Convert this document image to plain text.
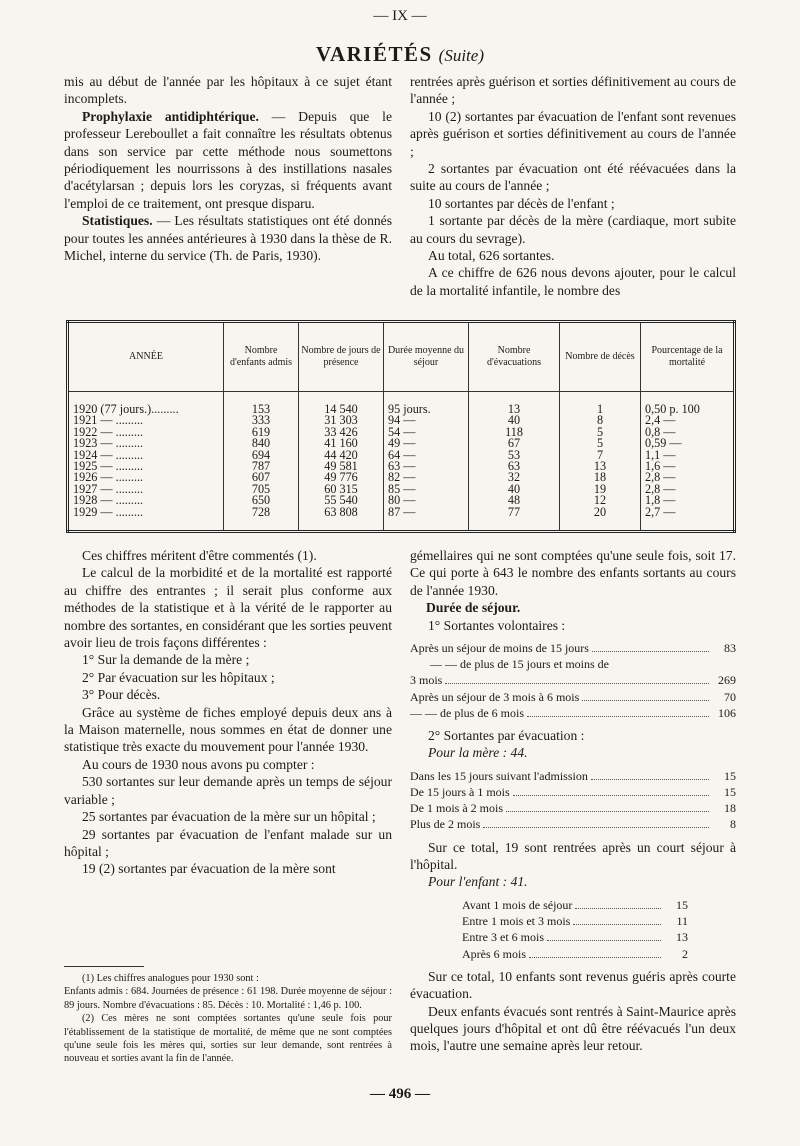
— IX —
VARIÉTÉS (Suite)

mis au début de l'année par les hôpitaux à ce sujet étant incomplets.

Prophylaxie antidiphtérique. — Depuis que le professeur Lereboullet a fait connaître les résultats obtenus dans son service par cette méthode nous soumettons périodiquement les nourrissons à des instillations nasales d'acétylarsan ; depuis lors les coryzas, si fréquents avant l'emploi de ce traitement, ont presque disparu.

Statistiques. — Les résultats statistiques ont été donnés pour toutes les années antérieures à 1930 dans la thèse de R. Michel, interne du service (Th. de Paris, 1930).

rentrées après guérison et sorties définitivement au cours de l'année ;

10 (2) sortantes par évacuation de l'enfant sont revenues après guérison et sorties définitivement au cours de l'année ;

2 sortantes par évacuation ont été réévacuées dans la suite au cours de l'année ;

10 sortantes par décès de l'enfant ;

1 sortante par décès de la mère (cardiaque, mort subite au cours du sevrage).

Au total, 626 sortantes.

A ce chiffre de 626 nous devons ajouter, pour le calcul de la mortalité infantile, le nombre des

ANNÉE	Nombre d'enfants admis	Nombre de jours de présence	Durée moyenne du séjour	Nombre d'évacuations	Nombre de décès	Pourcentage de la mortalité
1920 (77 jours.).........	153	14 540	95 jours.	13	1	0,50 p. 100
1921 — .........	333	31 303	94 —	40	8	2,4 —
1922 — .........	619	33 426	54 —	118	5	0,8 —
1923 — .........	840	41 160	49 —	67	5	0,59 —
1924 — .........	694	44 420	64 —	53	7	1,1 —
1925 — .........	787	49 581	63 —	63	13	1,6 —
1926 — .........	607	49 776	82 —	32	18	2,8 —
1927 — .........	705	60 315	85 —	40	19	2,8 —
1928 — .........	650	55 540	80 —	48	12	1,8 —
1929 — .........	728	63 808	87 —	77	20	2,7 —

Ces chiffres méritent d'être commentés (1).

Le calcul de la morbidité et de la mortalité est rapporté au chiffre des entrantes ; il serait plus conforme aux méthodes de la statistique et à la vérité de le rapporter au nombre des sortantes, en considérant que les sorties peuvent avoir lieu de trois façons différentes :

1° Sur la demande de la mère ;

2° Par évacuation sur les hôpitaux ;

3° Pour décès.

Grâce au système de fiches employé depuis deux ans à la Maison maternelle, nous sommes en état de donner une statistique très exacte du mouvement pour l'année 1930.

Au cours de 1930 nous avons pu compter :

530 sortantes sur leur demande après un temps de séjour variable ;

25 sortantes par évacuation de la mère sur un hôpital ;

29 sortantes par évacuation de l'enfant malade sur un hôpital ;

19 (2) sortantes par évacuation de la mère sont

(1) Les chiffres analogues pour 1930 sont :

Enfants admis : 684. Journées de présence : 61 198. Durée moyenne de séjour : 89 jours. Nombre d'évacuations : 85. Décès : 10. Mortalité : 1,46 p. 100.

(2) Ces mères ne sont comptées sortantes qu'une seule fois pour l'établissement de la statistique de mortalité, de même que ne sont comptées qu'une seule fois les mères qui, sorties sur leur demande, sont rentrées à nouveau et sorties avant la fin de l'année.

gémellaires qui ne sont comptées qu'une seule fois, soit 17. Ce qui porte à 643 le nombre des enfants sortants au cours de l'année 1930.

Durée de séjour.

1° Sortantes volontaires :

Après un séjour de moins de 15 jours	83
— — de plus de 15 jours et moins de
3 mois	269
Après un séjour de 3 mois à 6 mois	70
— — de plus de 6 mois	106

2° Sortantes par évacuation :

Pour la mère : 44.

Dans les 15 jours suivant l'admission	15
De 15 jours à 1 mois	15
De 1 mois à 2 mois	18
Plus de 2 mois	8

Sur ce total, 19 sont rentrées après un court séjour à l'hôpital.

Pour l'enfant : 41.

Avant 1 mois de séjour	15
Entre 1 mois et 3 mois	11
Entre 3 et 6 mois	13
Après 6 mois	2

Sur ce total, 10 enfants sont revenus guéris après courte évacuation.

Deux enfants évacués sont rentrés à Saint-Maurice après quelques jours d'hôpital et ont dû être réévacués l'un deux mois, l'autre une semaine après leur retour.

— 496 —
